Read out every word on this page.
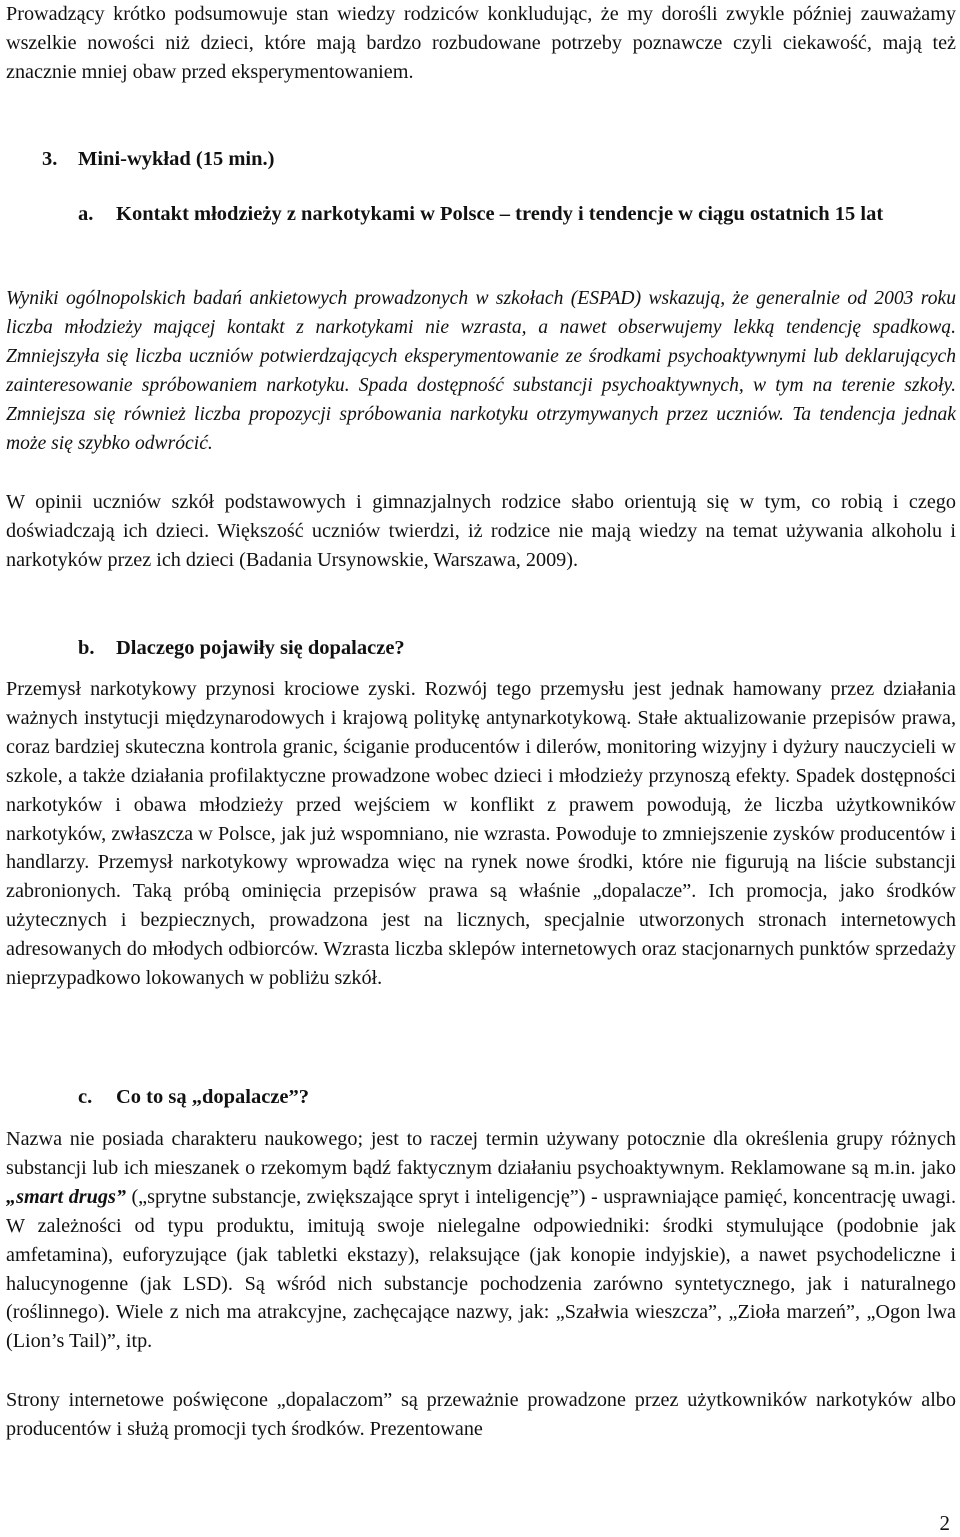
Prowadzący krótko podsumowuje stan wiedzy rodziców konkludując, że my dorośli zwykle później zauważamy wszelkie nowości niż dzieci, które mają bardzo rozbudowane potrzeby poznawcze czyli ciekawość, mają też znacznie mniej obaw przed eksperymentowaniem.

3. Mini-wykład (15 min.)
a. Kontakt młodzieży z narkotykami w Polsce – trendy i tendencje w ciągu ostatnich 15 lat

Wyniki ogólnopolskich badań ankietowych prowadzonych w szkołach (ESPAD) wskazują, że generalnie od 2003 roku liczba młodzieży mającej kontakt z narkotykami nie wzrasta, a nawet obserwujemy lekką tendencję spadkową. Zmniejszyła się liczba uczniów potwierdzających eksperymentowanie ze środkami psychoaktywnymi lub deklarujących zainteresowanie spróbowaniem narkotyku. Spada dostępność substancji psychoaktywnych, w tym na terenie szkoły. Zmniejsza się również liczba propozycji spróbowania narkotyku otrzymywanych przez uczniów. Ta tendencja jednak może się szybko odwrócić.

W opinii uczniów szkół podstawowych i gimnazjalnych rodzice słabo orientują się w tym, co robią i czego doświadczają ich dzieci. Większość uczniów twierdzi, iż rodzice nie mają wiedzy na temat używania alkoholu i narkotyków przez ich dzieci (Badania Ursynowskie, Warszawa, 2009).

b. Dlaczego pojawiły się dopalacze?

Przemysł narkotykowy przynosi krociowe zyski. Rozwój tego przemysłu jest jednak hamowany przez działania ważnych instytucji międzynarodowych i krajową politykę antynarkotykową. Stałe aktualizowanie przepisów prawa, coraz bardziej skuteczna kontrola granic, ściganie producentów i dilerów, monitoring wizyjny i dyżury nauczycieli w szkole, a także działania profilaktyczne prowadzone wobec dzieci i młodzieży przynoszą efekty. Spadek dostępności narkotyków i obawa młodzieży przed wejściem w konflikt z prawem powodują, że liczba użytkowników narkotyków, zwłaszcza w Polsce, jak już wspomniano, nie wzrasta. Powoduje to zmniejszenie zysków producentów i handlarzy. Przemysł narkotykowy wprowadza więc na rynek nowe środki, które nie figurują na liście substancji zabronionych. Taką próbą ominięcia przepisów prawa są właśnie „dopalacze”. Ich promocja, jako środków użytecznych i bezpiecznych, prowadzona jest na licznych, specjalnie utworzonych stronach internetowych adresowanych do młodych odbiorców. Wzrasta liczba sklepów internetowych oraz stacjonarnych punktów sprzedaży nieprzypadkowo lokowanych w pobliżu szkół.

c. Co to są „dopalacze”?

Nazwa nie posiada charakteru naukowego; jest to raczej termin używany potocznie dla określenia grupy różnych substancji lub ich mieszanek o rzekomym bądź faktycznym działaniu psychoaktywnym. Reklamowane są m.in. jako „smart drugs” („sprytne substancje, zwiększające spryt i inteligencję”) - usprawniające pamięć, koncentrację uwagi. W zależności od typu produktu, imitują swoje nielegalne odpowiedniki: środki stymulujące (podobnie jak amfetamina), euforyzujące (jak tabletki ekstazy), relaksujące (jak konopie indyjskie), a nawet psychodeliczne i halucynogenne (jak LSD). Są wśród nich substancje pochodzenia zarówno syntetycznego, jak i naturalnego (roślinnego). Wiele z nich ma atrakcyjne, zachęcające nazwy, jak: „Szałwia wieszcza”, „Zioła marzeń”, „Ogon lwa (Lion’s Tail)”, itp.

Strony internetowe poświęcone „dopalaczom” są przeważnie prowadzone przez użytkowników narkotyków albo producentów i służą promocji tych środków. Prezentowane

2
